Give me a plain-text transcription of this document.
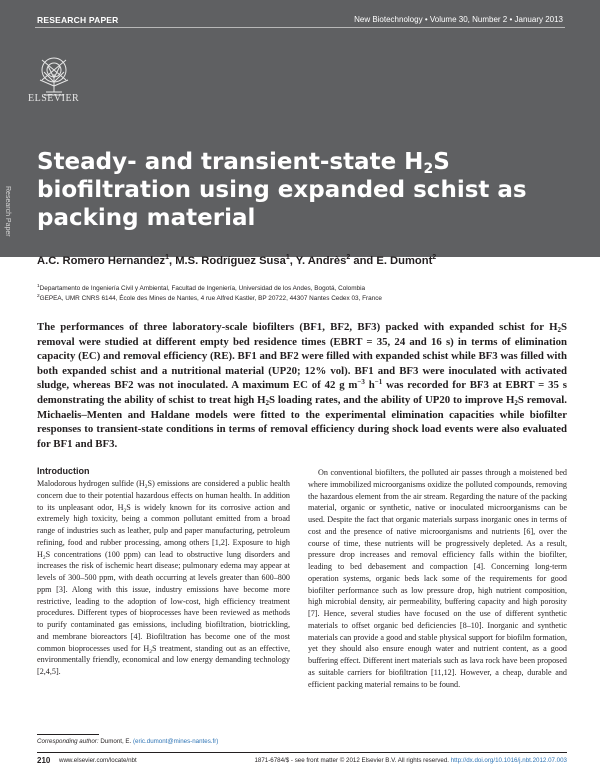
RESEARCH PAPER	New Biotechnology • Volume 30, Number 2 • January 2013
ELSEVIER
Research Paper
Steady- and transient-state $H_2S$
biofiltration using expanded schist as
packing material
A.C. Romero Hernandez$^1$, M.S. Rodríguez Susa$^1$, Y. Andrès$^2$ and E. Dumont$^2$
$^1$Departamento de Ingeniería Civil y Ambiental, Facultad de Ingeniería, Universidad de los Andes, Bogotá, Colombia
$^2$GEPEA, UMR CNRS 6144, École des Mines de Nantes, 4 rue Alfred Kastler, BP 20722, 44307 Nantes Cedex 03, France
The performances of three laboratory-scale biofilters (BF1, BF2, BF3) packed with expanded schist for $H_2S$ removal were studied at different empty bed residence times (EBRT = 35, 24 and 16 s) in terms of elimination capacity (EC) and removal efficiency (RE). BF1 and BF2 were filled with expanded schist while BF3 was filled with both expanded schist and a nutritional material (UP20; 12% vol). BF1 and BF3 were inoculated with activated sludge, whereas BF2 was not inoculated. A maximum EC of 42 g $m^{-3}$ $h^{-1}$ was recorded for BF3 at EBRT = 35 s demonstrating the ability of schist to treat high $H_2S$ loading rates, and the ability of UP20 to improve $H_2S$ removal. Michaelis–Menten and Haldane models were fitted to the experimental elimination capacities while biofilter responses to transient-state conditions in terms of removal efficiency during shock load events were also evaluated for BF1 and BF3.
Introduction
Malodorous hydrogen sulfide $(H_2S)$ emissions are considered a public health concern due to their potential hazardous effects on human health. In addition to its unpleasant odor, $H_2S$ is widely known for its corrosive action and extremely high toxicity, being a common pollutant emitted from a broad range of industries such as leather, pulp and paper manufacturing, petroleum refining, food and rubber processing, among others [1,2]. Exposure to high $H_2S$ concentrations (100 ppm) can lead to obstructive lung disorders and increases the risk of ischemic heart disease; pulmonary edema may appear at levels of 300–500 ppm, with death occurring at levels greater than 600–800 ppm [3]. Along with this issue, industry emissions have become more restrictive, leading to the adoption of low-cost, high efficiency treatment procedures. Different types of bioprocesses have been reviewed as methods to purify contaminated gas emissions, including biofiltration, biotrickling, and membrane bioreactors [4]. Biofiltration has become one of the most common bioprocesses used for $H_2S$ treatment, standing out as an effective, environmentally friendly, economical and low energy demanding technology [2,4,5].
On conventional biofilters, the polluted air passes through a moistened bed where immobilized microorganisms oxidize the polluted compounds, removing the hazardous element from the air stream. Regarding the nature of the packing material, organic or synthetic, native or inoculated microorganisms can be used. Despite the fact that organic materials surpass inorganic ones in terms of cost and the presence of native microorganisms and nutrients [6], over the course of time, these nutrients will be progressively depleted. As a result, pressure drop increases and removal efficiency falls within the biofilter, leading to bed debasement and compaction [4]. Concerning long-term operation systems, organic beds lack some of the requirements for good biofilter performance such as low pressure drop, high nutrient composition, high microbial density, air permeability, buffering capacity and high porosity [7]. Hence, several studies have focused on the use of different synthetic materials to offset organic bed deficiencies [8–10]. Inorganic and synthetic materials can provide a good and stable physical support for biofilm formation, yet they should also ensure enough water and nutrient content, as a good buffering effect. Different inert materials such as lava rock have been proposed as suitable carriers for biofiltration [11,12]. However, a cheap, durable and efficient packing material remains to be found.
Corresponding author: Dumont, E. (eric.dumont@mines-nantes.fr)
210 www.elsevier.com/locate/nbt	1871-6784/$ - see front matter © 2012 Elsevier B.V. All rights reserved. http://dx.doi.org/10.1016/j.nbt.2012.07.003
